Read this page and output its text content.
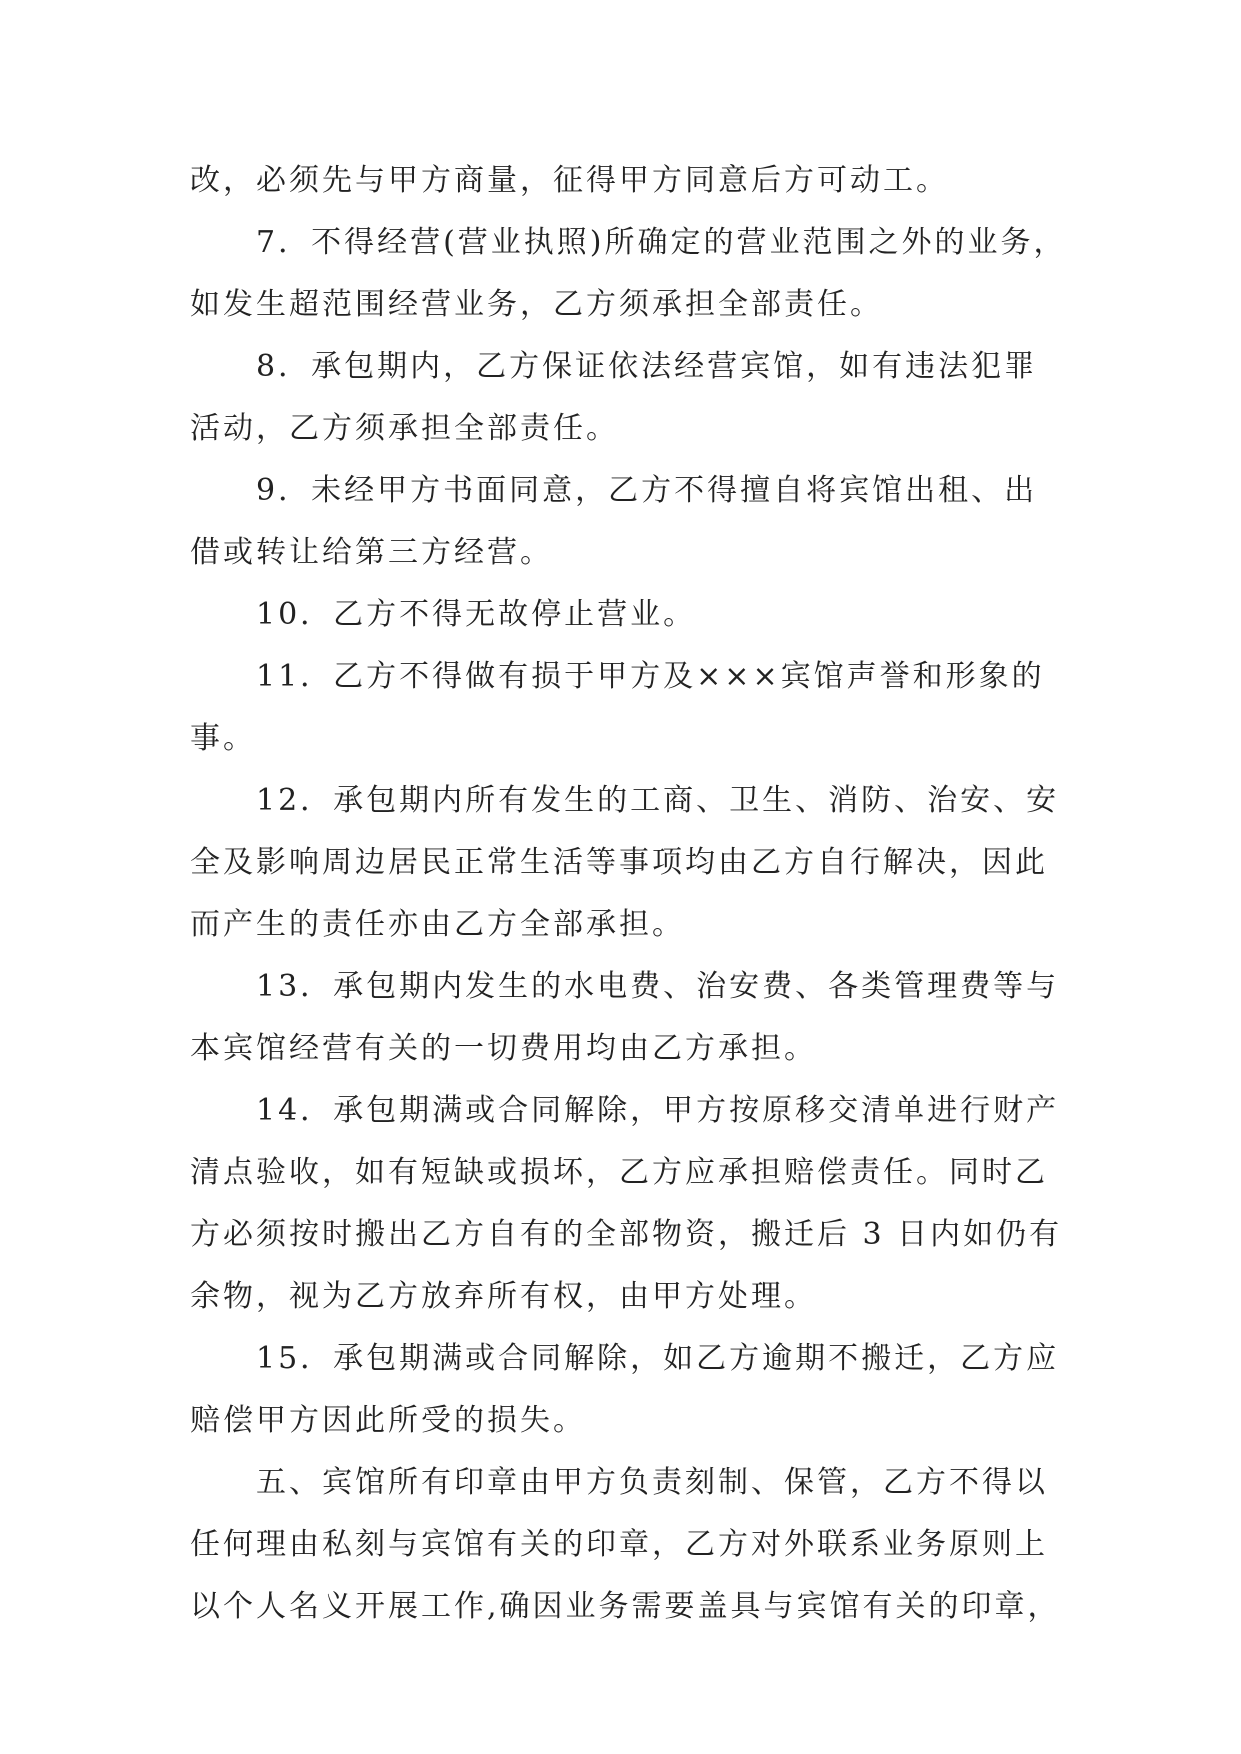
改，必须先与甲方商量，征得甲方同意后方可动工。
　　7．不得经营(营业执照)所确定的营业范围之外的业务，
如发生超范围经营业务，乙方须承担全部责任。
　　8．承包期内，乙方保证依法经营宾馆，如有违法犯罪
活动，乙方须承担全部责任。
　　9．未经甲方书面同意，乙方不得擅自将宾馆出租、出
借或转让给第三方经营。
　　10．乙方不得无故停止营业。
　　11．乙方不得做有损于甲方及×××宾馆声誉和形象的
事。
　　12．承包期内所有发生的工商、卫生、消防、治安、安
全及影响周边居民正常生活等事项均由乙方自行解决，因此
而产生的责任亦由乙方全部承担。
　　13．承包期内发生的水电费、治安费、各类管理费等与
本宾馆经营有关的一切费用均由乙方承担。
　　14．承包期满或合同解除，甲方按原移交清单进行财产
清点验收，如有短缺或损坏，乙方应承担赔偿责任。同时乙
方必须按时搬出乙方自有的全部物资，搬迁后 3 日内如仍有
余物，视为乙方放弃所有权，由甲方处理。
　　15．承包期满或合同解除，如乙方逾期不搬迁，乙方应
赔偿甲方因此所受的损失。
　　五、宾馆所有印章由甲方负责刻制、保管，乙方不得以
任何理由私刻与宾馆有关的印章，乙方对外联系业务原则上
以个人名义开展工作,确因业务需要盖具与宾馆有关的印章，
